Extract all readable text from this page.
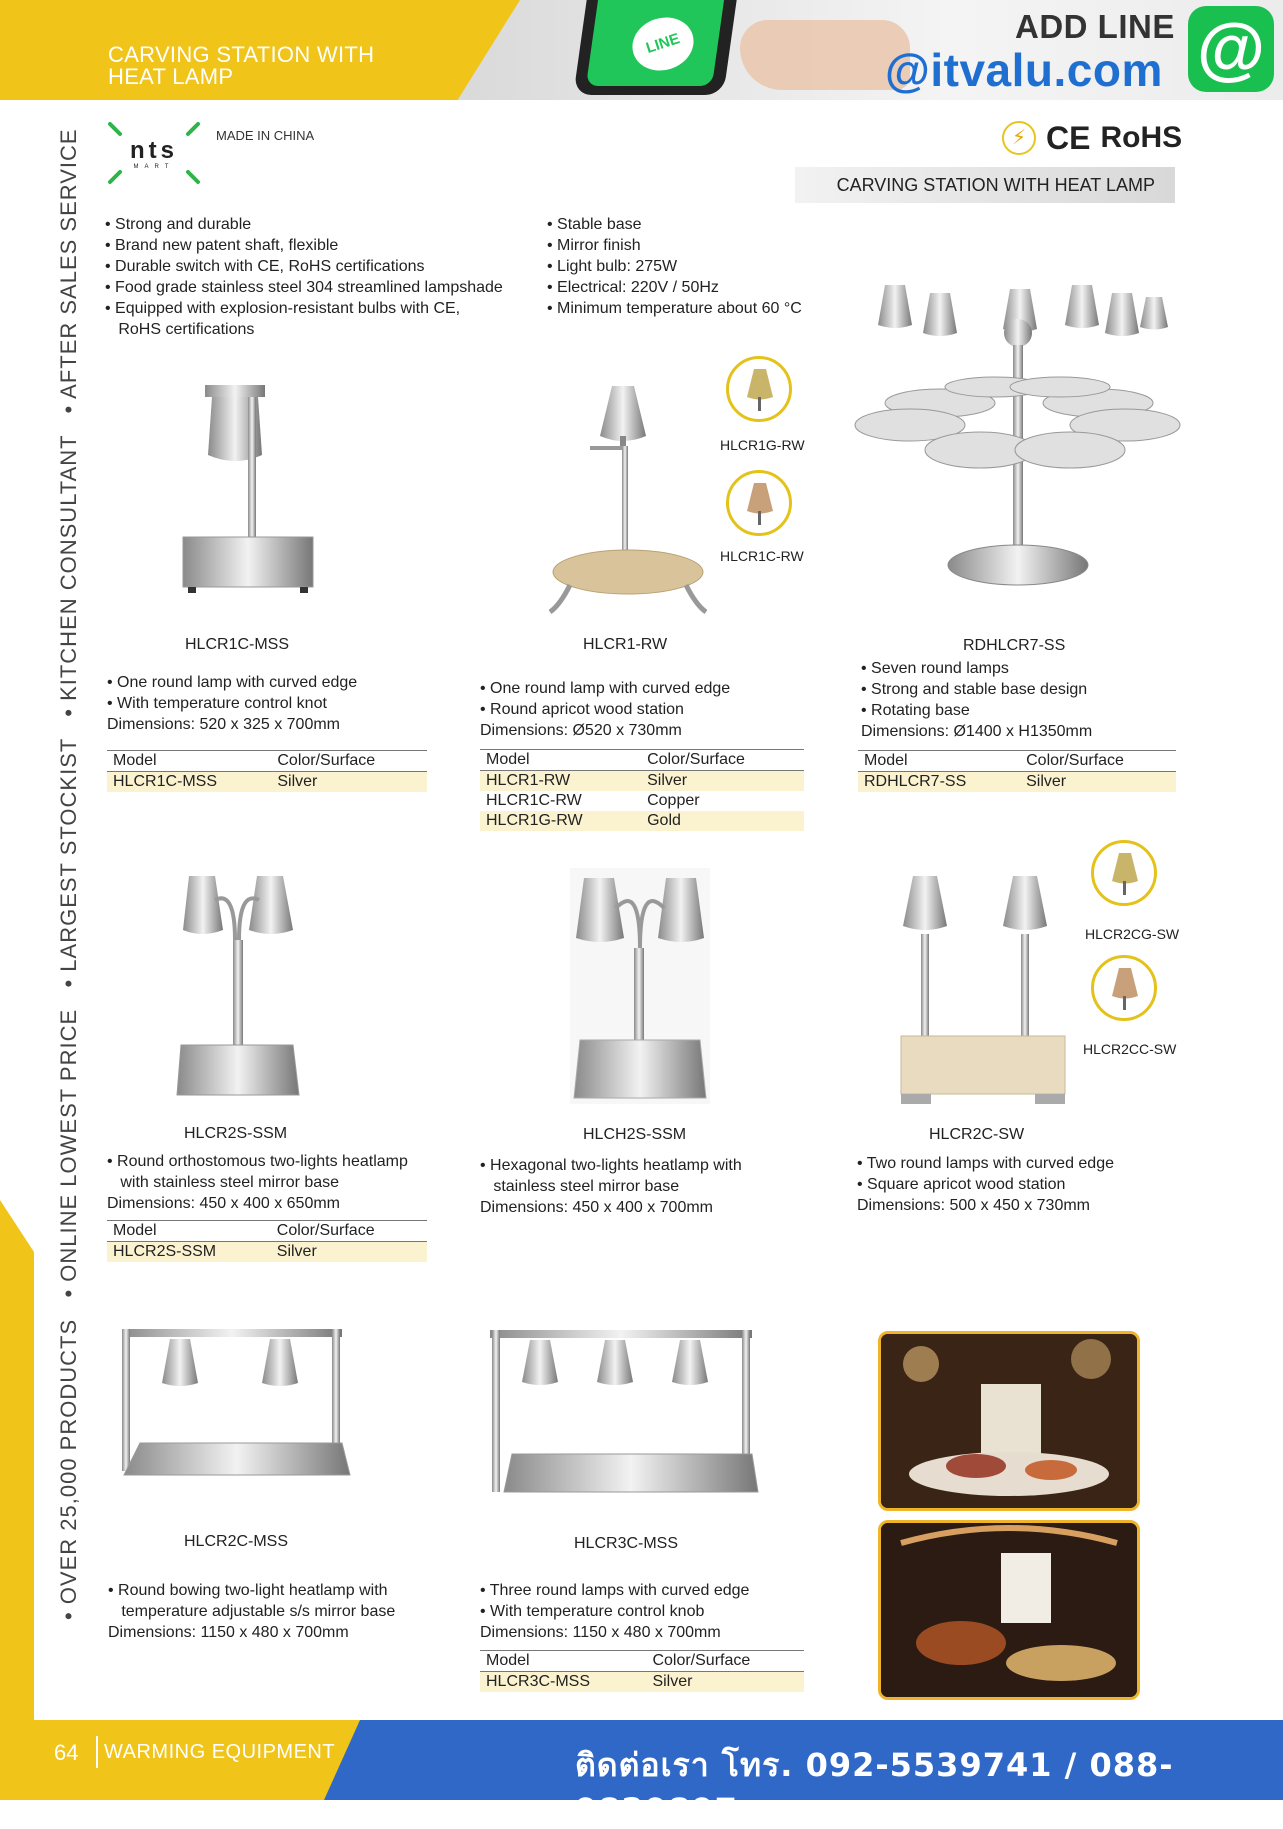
CARVING STATION WITH
HEAT LAMP
LINE	ADD LINE
@itvalu.com @
nts
MART
MADE IN CHINA	⚡ CE RoHS
CARVING STATION WITH HEAT LAMP
• Strong and durable
• Brand new patent shaft, flexible
• Durable switch with CE, RoHS certifications
• Food grade stainless steel 304 streamlined lampshade
• Equipped with explosion-resistant bulbs with CE,
RoHS certifications
• Stable base
• Mirror finish
• Light bulb: 275W
• Electrical: 220V / 50Hz
• Minimum temperature about 60 °C
• OVER 25,000 PRODUCTS   • ONLINE LOWEST PRICE   • LARGEST STOCKIST   • KITCHEN CONSULTANT   • AFTER SALES SERVICE	HLCR1C-MSS
• One round lamp with curved edge
• With temperature control knot
Dimensions: 520 x 325 x 700mm
Model	Color/Surface
HLCR1C-MSS	Silver
HLCR1G-RW
HLCR1C-RW
HLCR1-RW
• One round lamp with curved edge
• Round apricot wood station
Dimensions: Ø520 x 730mm
Model	Color/Surface
HLCR1-RW	Silver
HLCR1C-RW	Copper
HLCR1G-RW	Gold
RDHLCR7-SS
• Seven round lamps
• Strong and stable base design
• Rotating base
Dimensions: Ø1400 x H1350mm
Model	Color/Surface
RDHLCR7-SS	Silver
HLCR2S-SSM
• Round orthostomous two-lights heatlamp
with stainless steel mirror base
Dimensions: 450 x 400 x 650mm
Model	Color/Surface
HLCR2S-SSM	Silver
HLCH2S-SSM
• Hexagonal two-lights heatlamp with
stainless steel mirror base
Dimensions: 450 x 400 x 700mm
HLCR2CG-SW
HLCR2CC-SW
HLCR2C-SW
• Two round lamps with curved edge
• Square apricot wood station
Dimensions: 500 x 450 x 730mm
HLCR2C-MSS
• Round bowing two-light heatlamp with
temperature adjustable s/s mirror base
Dimensions: 1150 x 480 x 700mm
HLCR3C-MSS
• Three round lamps with curved edge
• With temperature control knob
Dimensions: 1150 x 480 x 700mm
Model	Color/Surface
HLCR3C-MSS	Silver
64 WARMING EQUIPMENT	ติดต่อเรา โทร. 092-5539741 / 088-9829897
